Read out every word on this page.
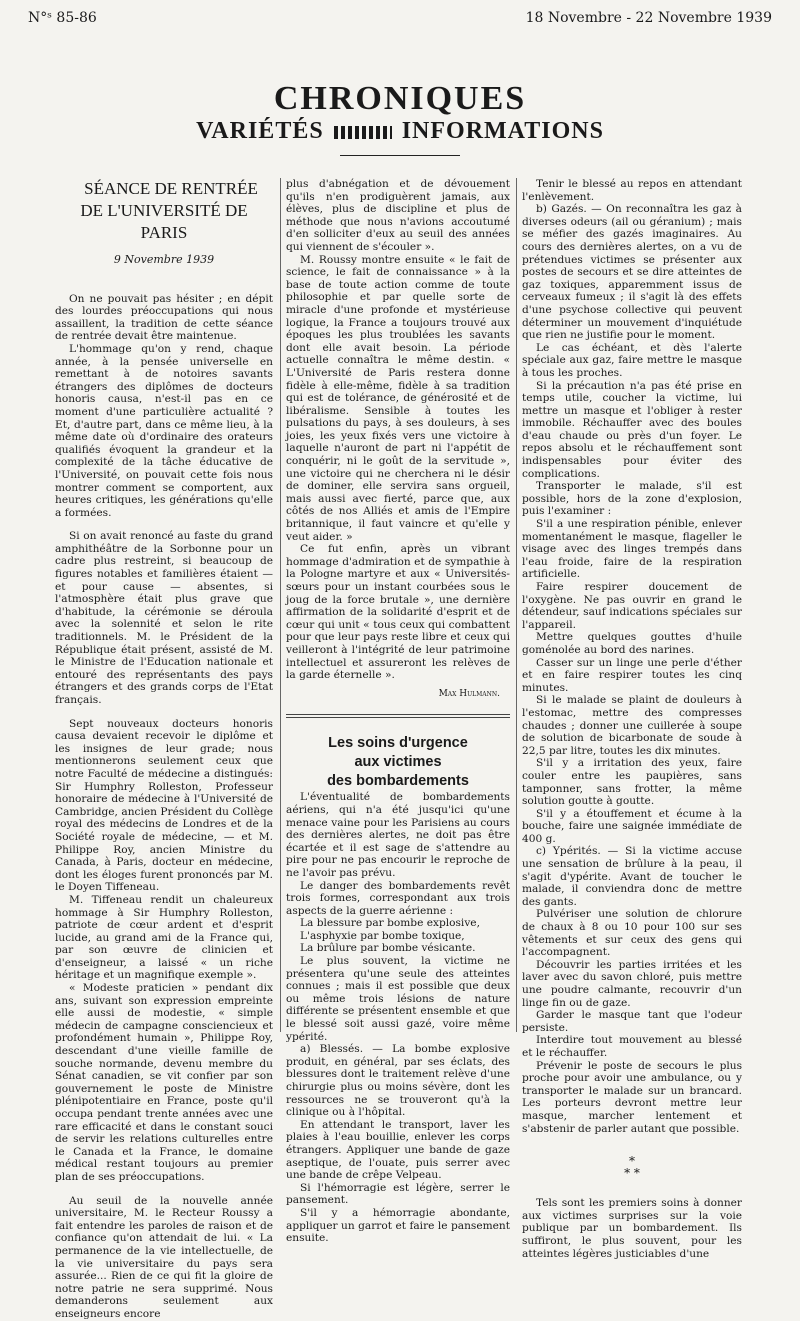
N°ˢ 85-86	18 Novembre - 22 Novembre 1939
CHRONIQUES
VARIÉTÉS	INFORMATIONS

SÉANCE DE RENTRÉE

DE L'UNIVERSITÉ DE PARIS

9 Novembre 1939

On ne pouvait pas hésiter ; en dépit des lourdes préoccupations qui nous assaillent, la tradition de cette séance de rentrée devait être maintenue.

L'hommage qu'on y rend, chaque année, à la pensée universelle en remettant à de notoires savants étrangers des diplômes de docteurs honoris causa, n'est-il pas en ce moment d'une particulière actualité ? Et, d'autre part, dans ce même lieu, à la même date où d'ordinaire des orateurs qualifiés évoquent la grandeur et la complexité de la tâche éducative de l'Université, on pouvait cette fois nous montrer comment se comportent, aux heures critiques, les générations qu'elle a formées.

Si on avait renoncé au faste du grand amphithéâtre de la Sorbonne pour un cadre plus restreint, si beaucoup de figures notables et familières étaient — et pour cause — absentes, si l'atmosphère était plus grave que d'habitude, la cérémonie se déroula avec la solennité et selon le rite traditionnels. M. le Président de la République était présent, assisté de M. le Ministre de l'Education nationale et entouré des représentants des pays étrangers et des grands corps de l'Etat français.

Sept nouveaux docteurs honoris causa devaient recevoir le diplôme et les insignes de leur grade; nous mentionnerons seulement ceux que notre Faculté de médecine a distingués: Sir Humphry Rolleston, Professeur honoraire de médecine à l'Université de Cambridge, ancien Président du Collège royal des médecins de Londres et de la Société royale de médecine, — et M. Philippe Roy, ancien Ministre du Canada, à Paris, docteur en médecine, dont les éloges furent prononcés par M. le Doyen Tiffeneau.

M. Tiffeneau rendit un chaleureux hommage à Sir Humphry Rolleston, patriote de cœur ardent et d'esprit lucide, au grand ami de la France qui, par son œuvre de clinicien et d'enseigneur, a laissé « un riche héritage et un magnifique exemple ».

« Modeste praticien » pendant dix ans, suivant son expression empreinte elle aussi de modestie, « simple médecin de campagne consciencieux et profondément humain », Philippe Roy, descendant d'une vieille famille de souche normande, devenu membre du Sénat canadien, se vit confier par son gouvernement le poste de Ministre plénipotentiaire en France, poste qu'il occupa pendant trente années avec une rare efficacité et dans le constant souci de servir les relations culturelles entre le Canada et la France, le domaine médical restant toujours au premier plan de ses préoccupations.

Au seuil de la nouvelle année universitaire, M. le Recteur Roussy a fait entendre les paroles de raison et de confiance qu'on attendait de lui. « La permanence de la vie intellectuelle, de la vie universitaire du pays sera assurée... Rien de ce qui fit la gloire de notre patrie ne sera supprimé. Nous demanderons seulement aux enseigneurs encore

plus d'abnégation et de dévouement qu'ils n'en prodiguèrent jamais, aux élèves, plus de discipline et plus de méthode que nous n'avions accoutumé d'en solliciter d'eux au seuil des années qui viennent de s'écouler ».

M. Roussy montre ensuite « le fait de science, le fait de connaissance » à la base de toute action comme de toute philosophie et par quelle sorte de miracle d'une profonde et mystérieuse logique, la France a toujours trouvé aux époques les plus troublées les savants dont elle avait besoin. La période actuelle connaîtra le même destin. « L'Université de Paris restera donne fidèle à elle-même, fidèle à sa tradition qui est de tolérance, de générosité et de libéralisme. Sensible à toutes les pulsations du pays, à ses douleurs, à ses joies, les yeux fixés vers une victoire à laquelle n'auront de part ni l'appétit de conquérir, ni le goût de la servitude », une victoire qui ne cherchera ni le désir de dominer, elle servira sans orgueil, mais aussi avec fierté, parce que, aux côtés de nos Alliés et amis de l'Empire britannique, il faut vaincre et qu'elle y veut aider. »

Ce fut enfin, après un vibrant hommage d'admiration et de sympathie à la Pologne martyre et aux « Universités-sœurs pour un instant courbées sous le joug de la force brutale », une dernière affirmation de la solidarité d'esprit et de cœur qui unit « tous ceux qui combattent pour que leur pays reste libre et ceux qui veilleront à l'intégrité de leur patrimoine intellectuel et assureront les relèves de la garde éternelle ».

Max Hulmann.

Les soins d'urgence

aux victimes

des bombardements

L'éventualité de bombardements aériens, qui n'a été jusqu'ici qu'une menace vaine pour les Parisiens au cours des dernières alertes, ne doit pas être écartée et il est sage de s'attendre au pire pour ne pas encourir le reproche de ne l'avoir pas prévu.

Le danger des bombardements revêt trois formes, correspondant aux trois aspects de la guerre aérienne :

La blessure par bombe explosive,

L'asphyxie par bombe toxique,

La brûlure par bombe vésicante.

Le plus souvent, la victime ne présentera qu'une seule des atteintes connues ; mais il est possible que deux ou même trois lésions de nature différente se présentent ensemble et que le blessé soit aussi gazé, voire même ypérité.

a) Blessés. — La bombe explosive produit, en général, par ses éclats, des blessures dont le traitement relève d'une chirurgie plus ou moins sévère, dont les ressources ne se trouveront qu'à la clinique ou à l'hôpital.

En attendant le transport, laver les plaies à l'eau bouillie, enlever les corps étrangers. Appliquer une bande de gaze aseptique, de l'ouate, puis serrer avec une bande de crêpe Velpeau.

Si l'hémorragie est légère, serrer le pansement.

S'il y a hémorragie abondante, appliquer un garrot et faire le pansement ensuite.

Tenir le blessé au repos en attendant l'enlèvement.

b) Gazés. — On reconnaîtra les gaz à diverses odeurs (ail ou géranium) ; mais se méfier des gazés imaginaires. Au cours des dernières alertes, on a vu de prétendues victimes se présenter aux postes de secours et se dire atteintes de gaz toxiques, apparemment issus de cerveaux fumeux ; il s'agit là des effets d'une psychose collective qui peuvent déterminer un mouvement d'inquiétude que rien ne justifie pour le moment.

Le cas échéant, et dès l'alerte spéciale aux gaz, faire mettre le masque à tous les proches.

Si la précaution n'a pas été prise en temps utile, coucher la victime, lui mettre un masque et l'obliger à rester immobile. Réchauffer avec des boules d'eau chaude ou près d'un foyer. Le repos absolu et le réchauffement sont indispensables pour éviter des complications.

Transporter le malade, s'il est possible, hors de la zone d'explosion, puis l'examiner :

S'il a une respiration pénible, enlever momentanément le masque, flageller le visage avec des linges trempés dans l'eau froide, faire de la respiration artificielle.

Faire respirer doucement de l'oxygène. Ne pas ouvrir en grand le détendeur, sauf indications spéciales sur l'appareil.

Mettre quelques gouttes d'huile goménolée au bord des narines.

Casser sur un linge une perle d'éther et en faire respirer toutes les cinq minutes.

Si le malade se plaint de douleurs à l'estomac, mettre des compresses chaudes ; donner une cuillerée à soupe de solution de bicarbonate de soude à 22,5 par litre, toutes les dix minutes.

S'il y a irritation des yeux, faire couler entre les paupières, sans tamponner, sans frotter, la même solution goutte à goutte.

S'il y a étouffement et écume à la bouche, faire une saignée immédiate de 400 g.

c) Ypérités. — Si la victime accuse une sensation de brûlure à la peau, il s'agit d'ypérite. Avant de toucher le malade, il conviendra donc de mettre des gants.

Pulvériser une solution de chlorure de chaux à 8 ou 10 pour 100 sur ses vêtements et sur ceux des gens qui l'accompagnent.

Découvrir les parties irritées et les laver avec du savon chloré, puis mettre une poudre calmante, recouvrir d'un linge fin ou de gaze.

Garder le masque tant que l'odeur persiste.

Interdire tout mouvement au blessé et le réchauffer.

Prévenir le poste de secours le plus proche pour avoir une ambulance, ou y transporter le malade sur un brancard. Les porteurs devront mettre leur masque, marcher lentement et s'abstenir de parler autant que possible.

*
* *

Tels sont les premiers soins à donner aux victimes surprises sur la voie publique par un bombardement. Ils suffiront, le plus souvent, pour les atteintes légères justiciables d'une
